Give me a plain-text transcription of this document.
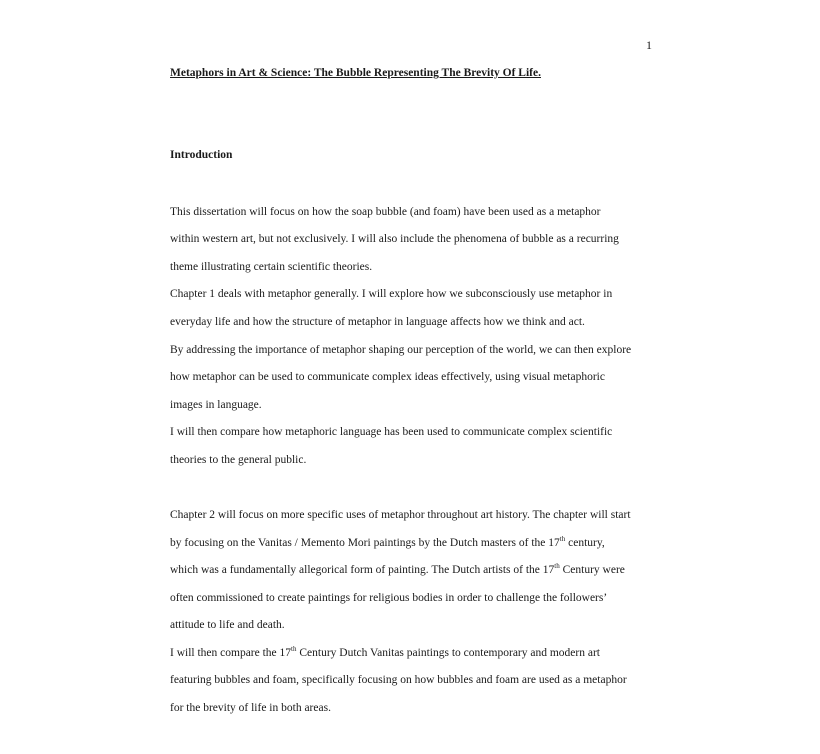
1
Metaphors in Art & Science: The Bubble Representing The Brevity Of Life.
Introduction
This dissertation will focus on how the soap bubble (and foam) have been used as a metaphor
within western art, but not exclusively. I will also include the phenomena of bubble as a recurring
theme illustrating certain scientific theories.
Chapter 1 deals with metaphor generally. I will explore how we subconsciously use metaphor in
everyday life and how the structure of metaphor in language affects how we think and act.
By addressing the importance of metaphor shaping our perception of the world, we can then explore
how metaphor can be used to communicate complex ideas effectively, using visual metaphoric
images in language.
I will then compare how metaphoric language has been used to communicate complex scientific
theories to the general public.
Chapter 2 will focus on more specific uses of metaphor throughout art history. The chapter will start
by focusing on the Vanitas / Memento Mori paintings by the Dutch masters of the 17th century,
which was a fundamentally allegorical form of painting. The Dutch artists of the 17th Century were
often commissioned to create paintings for religious bodies in order to challenge the followers’
attitude to life and death.
I will then compare the 17th Century Dutch Vanitas paintings to contemporary and modern art
featuring bubbles and foam, specifically focusing on how bubbles and foam are used as a metaphor
for the brevity of life in both areas.
